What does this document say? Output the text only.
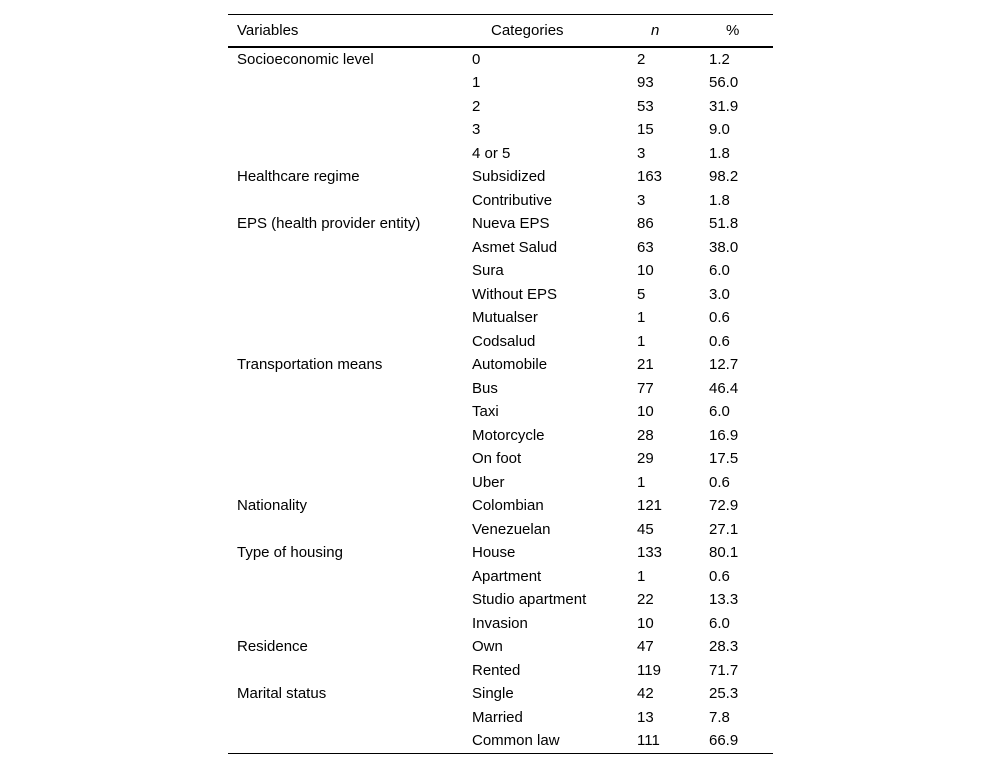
Variables	Categories	n	%
Socioeconomic level	0	2	1.2
	1	93	56.0
	2	53	31.9
	3	15	9.0
	4 or 5	3	1.8
Healthcare regime	Subsidized	163	98.2
	Contributive	3	1.8
EPS (health provider entity)	Nueva EPS	86	51.8
	Asmet Salud	63	38.0
	Sura	10	6.0
	Without EPS	5	3.0
	Mutualser	1	0.6
	Codsalud	1	0.6
Transportation means	Automobile	21	12.7
	Bus	77	46.4
	Taxi	10	6.0
	Motorcycle	28	16.9
	On foot	29	17.5
	Uber	1	0.6
Nationality	Colombian	121	72.9
	Venezuelan	45	27.1
Type of housing	House	133	80.1
	Apartment	1	0.6
	Studio apartment	22	13.3
	Invasion	10	6.0
Residence	Own	47	28.3
	Rented	119	71.7
Marital status	Single	42	25.3
	Married	13	7.8
	Common law	111	66.9
